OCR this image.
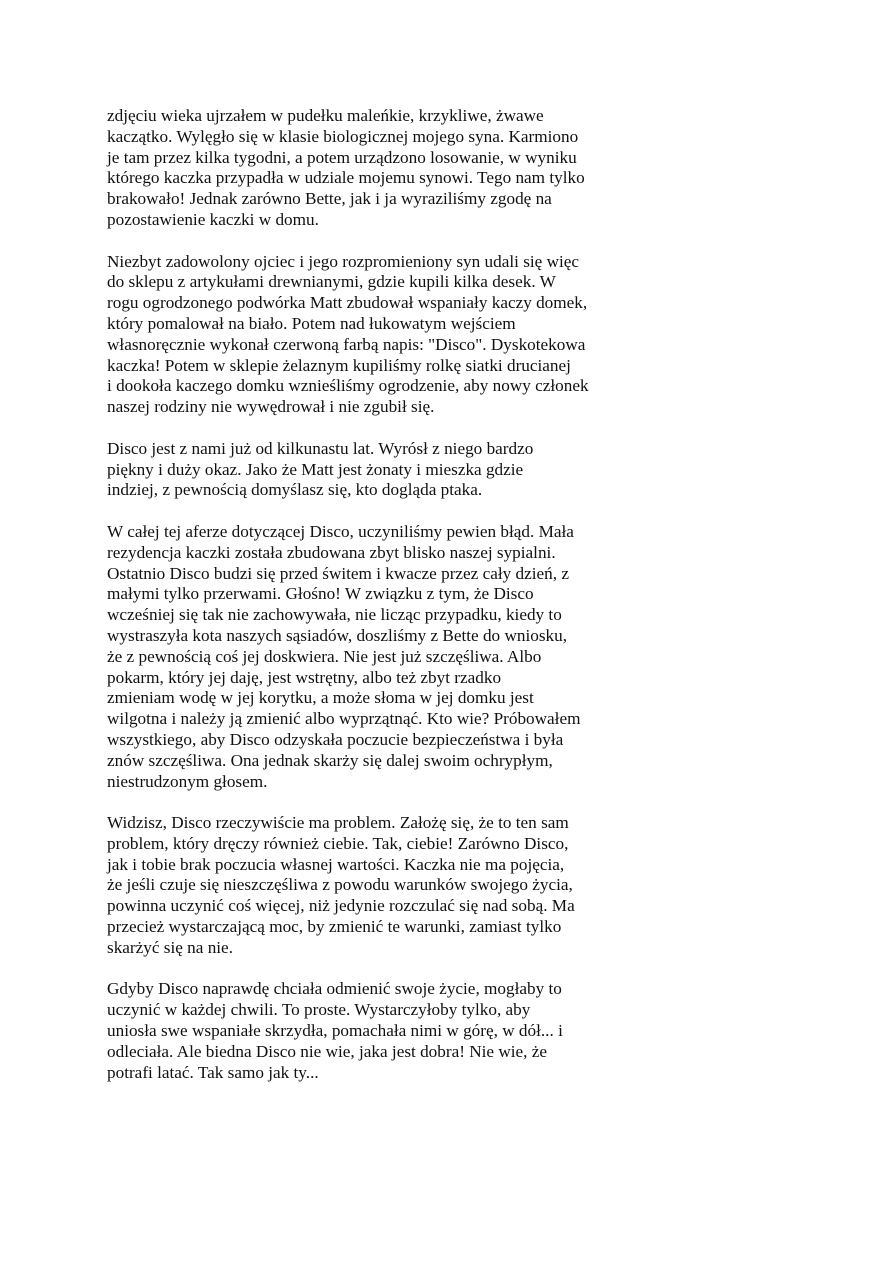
zdjęciu wieka ujrzałem w pudełku maleńkie, krzykliwe, żwawe
kaczątko. Wylęgło się w klasie biologicznej mojego syna. Karmiono
je tam przez kilka tygodni, a potem urządzono losowanie, w wyniku
którego kaczka przypadła w udziale mojemu synowi. Tego nam tylko
brakowało! Jednak zarówno Bette, jak i ja wyraziliśmy zgodę na
pozostawienie kaczki w domu.

Niezbyt zadowolony ojciec i jego rozpromieniony syn udali się więc
do sklepu z artykułami drewnianymi, gdzie kupili kilka desek. W
rogu ogrodzonego podwórka Matt zbudował wspaniały kaczy domek,
który pomalował na biało. Potem nad łukowatym wejściem
własnoręcznie wykonał czerwoną farbą napis: "Disco". Dyskotekowa
kaczka! Potem w sklepie żelaznym kupiliśmy rolkę siatki drucianej
i dookoła kaczego domku wznieśliśmy ogrodzenie, aby nowy członek
naszej rodziny nie wywędrował i nie zgubił się.

Disco jest z nami już od kilkunastu lat. Wyrósł z niego bardzo
piękny i duży okaz. Jako że Matt jest żonaty i mieszka gdzie
indziej, z pewnością domyślasz się, kto dogląda ptaka.

W całej tej aferze dotyczącej Disco, uczyniliśmy pewien błąd. Mała
rezydencja kaczki została zbudowana zbyt blisko naszej sypialni.
Ostatnio Disco budzi się przed świtem i kwacze przez cały dzień, z
małymi tylko przerwami. Głośno! W związku z tym, że Disco
wcześniej się tak nie zachowywała, nie licząc przypadku, kiedy to
wystraszyła kota naszych sąsiadów, doszliśmy z Bette do wniosku,
że z pewnością coś jej doskwiera. Nie jest już szczęśliwa. Albo
pokarm, który jej daję, jest wstrętny, albo też zbyt rzadko
zmieniam wodę w jej korytku, a może słoma w jej domku jest
wilgotna i należy ją zmienić albo wyprzątnąć. Kto wie? Próbowałem
wszystkiego, aby Disco odzyskała poczucie bezpieczeństwa i była
znów szczęśliwa. Ona jednak skarży się dalej swoim ochrypłym,
niestrudzonym głosem.

Widzisz, Disco rzeczywiście ma problem. Założę się, że to ten sam
problem, który dręczy również ciebie. Tak, ciebie! Zarówno Disco,
jak i tobie brak poczucia własnej wartości. Kaczka nie ma pojęcia,
że jeśli czuje się nieszczęśliwa z powodu warunków swojego życia,
powinna uczynić coś więcej, niż jedynie rozczulać się nad sobą. Ma
przecież wystarczającą moc, by zmienić te warunki, zamiast tylko
skarżyć się na nie.

Gdyby Disco naprawdę chciała odmienić swoje życie, mogłaby to
uczynić w każdej chwili. To proste. Wystarczyłoby tylko, aby
uniosła swe wspaniałe skrzydła, pomachała nimi w górę, w dół... i
odleciała. Ale biedna Disco nie wie, jaka jest dobra! Nie wie, że
potrafi latać. Tak samo jak ty...
